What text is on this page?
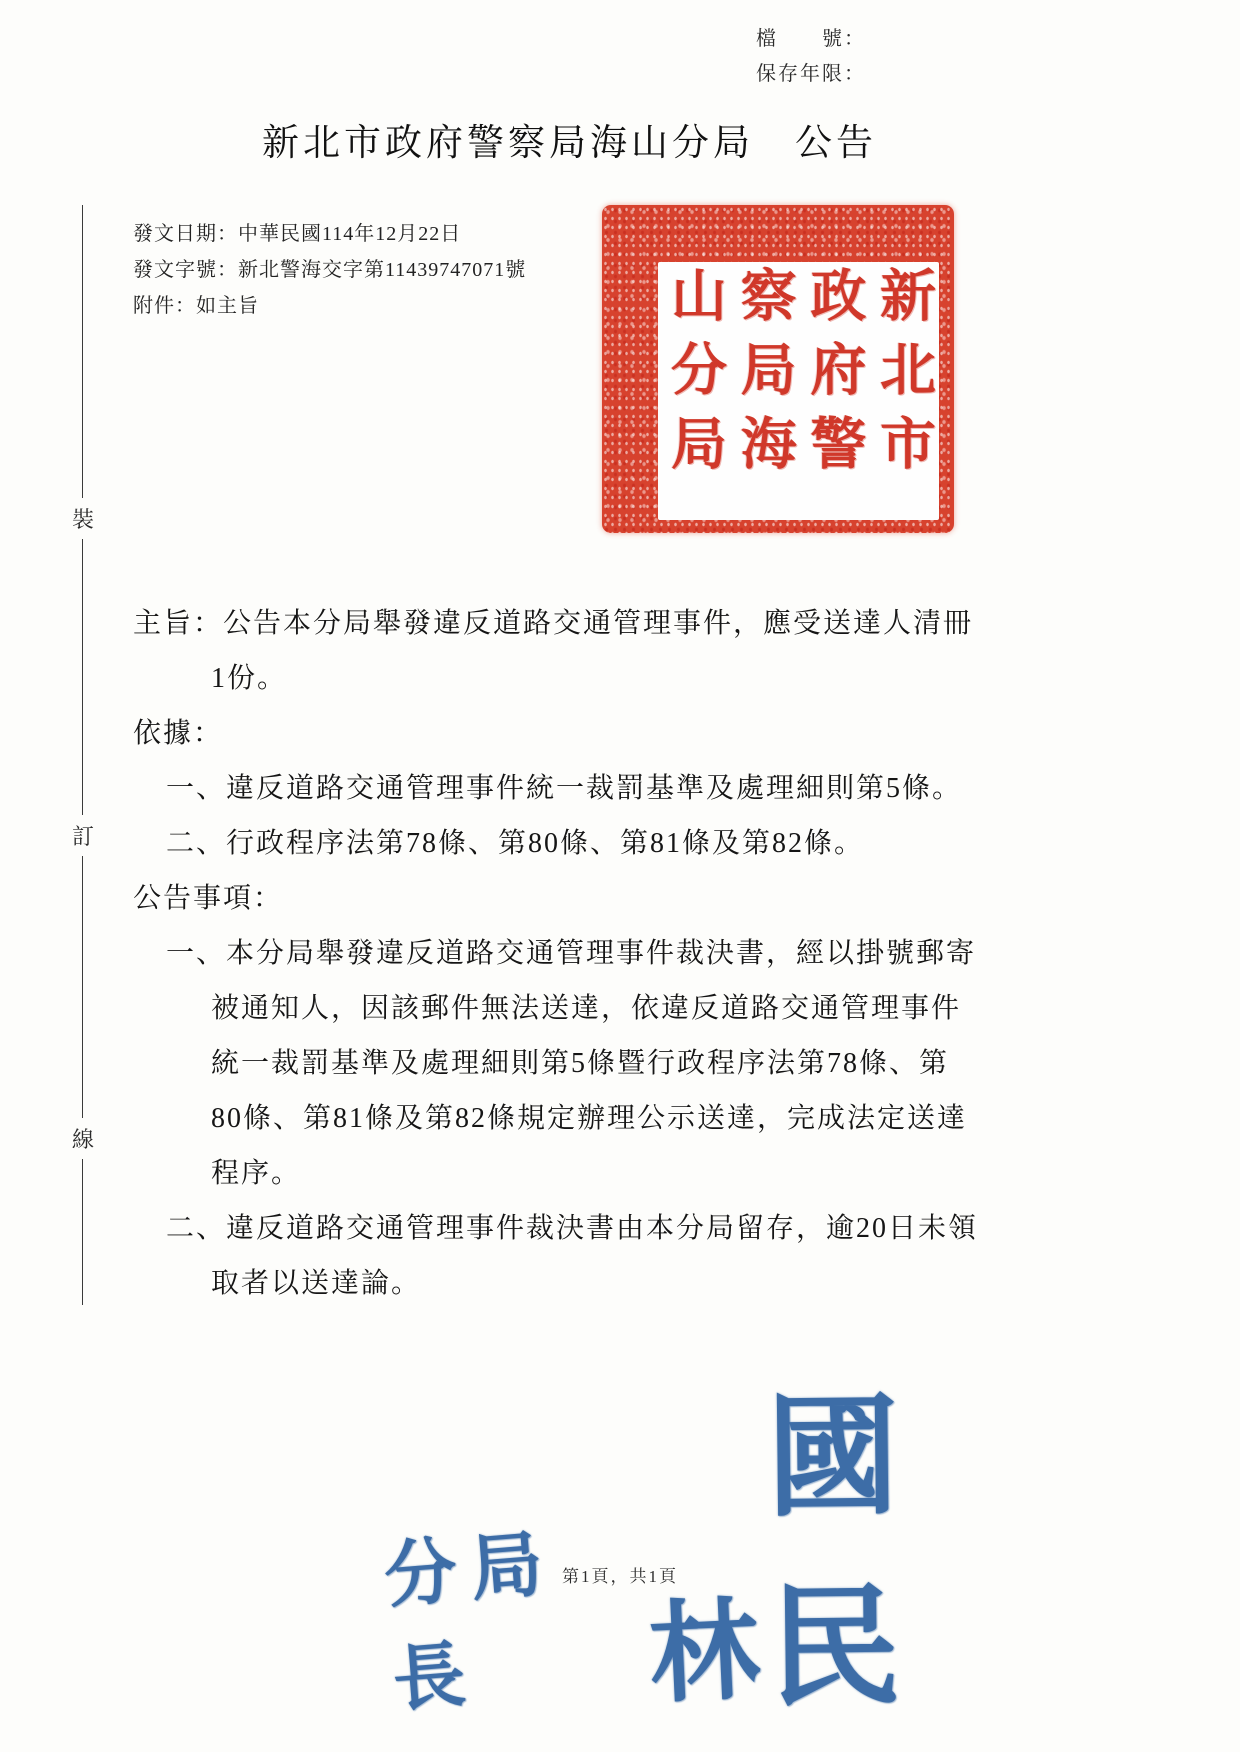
檔　　號：
保存年限：
新北市政府警察局海山分局　公告
發文日期：中華民國114年12月22日
發文字號：新北警海交字第11439747071號
附件：如主旨	新北市
政府警
察局海
山分局
裝
訂
線
主旨：公告本分局舉發違反道路交通管理事件，應受送達人清冊
1份。
依據：
一、違反道路交通管理事件統一裁罰基準及處理細則第5條。
二、行政程序法第78條、第80條、第81條及第82條。
公告事項：
一、本分局舉發違反道路交通管理事件裁決書，經以掛號郵寄
被通知人，因該郵件無法送達，依違反道路交通管理事件
統一裁罰基準及處理細則第5條暨行政程序法第78條、第
80條、第81條及第82條規定辦理公示送達，完成法定送達
程序。
二、違反道路交通管理事件裁決書由本分局留存，逾20日未領
取者以送達論。
分局長	林
國民
第1頁，共1頁
